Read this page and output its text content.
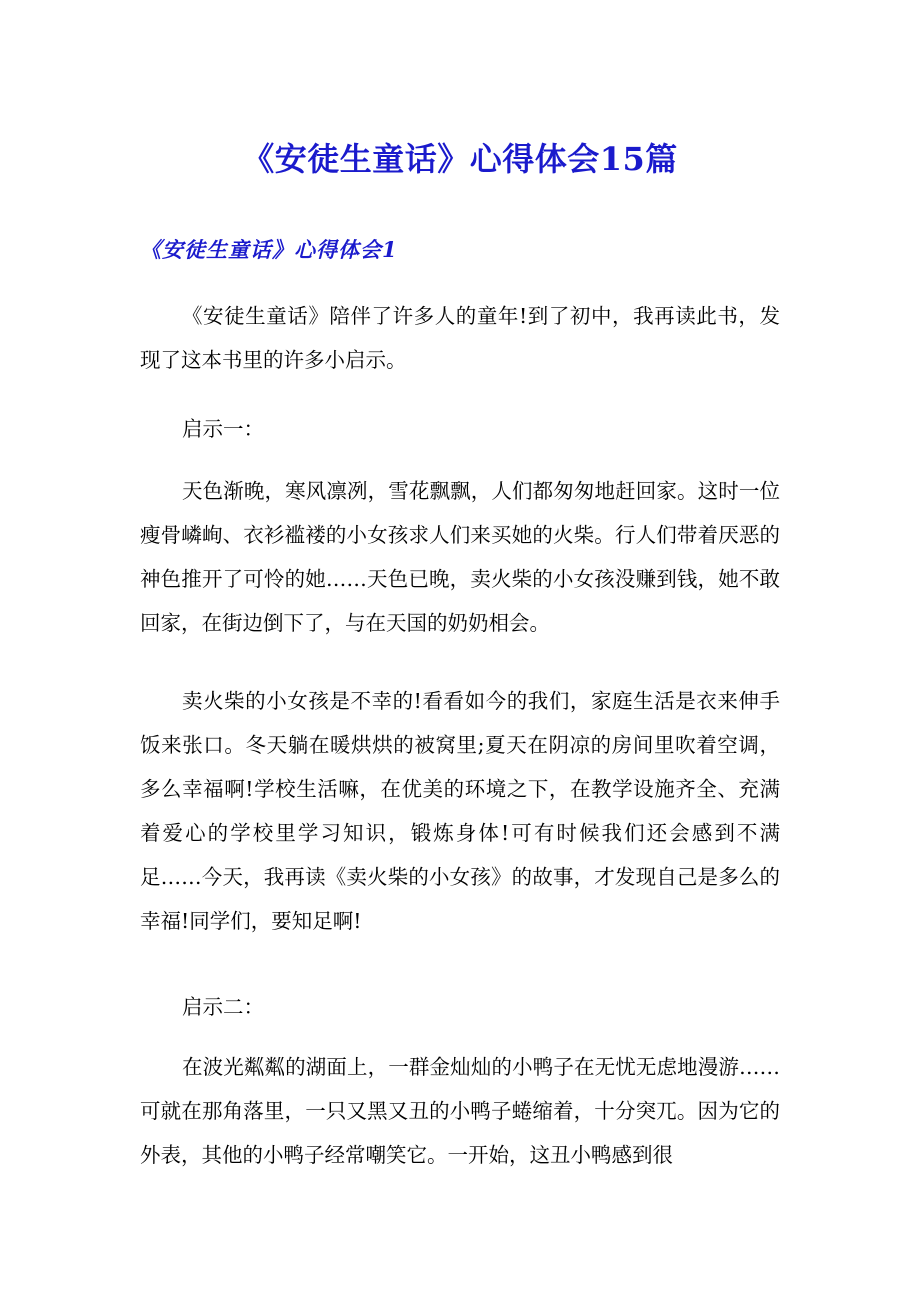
《安徒生童话》心得体会15篇
《安徒生童话》心得体会1

《安徒生童话》陪伴了许多人的童年!到了初中，我再读此书，发现了这本书里的许多小启示。

启示一：

天色渐晚，寒风凛冽，雪花飘飘，人们都匆匆地赶回家。这时一位瘦骨嶙峋、衣衫褴褛的小女孩求人们来买她的火柴。行人们带着厌恶的神色推开了可怜的她……天色已晚，卖火柴的小女孩没赚到钱，她不敢回家，在街边倒下了，与在天国的奶奶相会。

卖火柴的小女孩是不幸的!看看如今的我们，家庭生活是衣来伸手饭来张口。冬天躺在暖烘烘的被窝里;夏天在阴凉的房间里吹着空调，多么幸福啊!学校生活嘛，在优美的环境之下，在教学设施齐全、充满着爱心的学校里学习知识，锻炼身体!可有时候我们还会感到不满足……今天，我再读《卖火柴的小女孩》的故事，才发现自己是多么的幸福!同学们，要知足啊!

启示二：

在波光粼粼的湖面上，一群金灿灿的小鸭子在无忧无虑地漫游……可就在那角落里，一只又黑又丑的小鸭子蜷缩着，十分突兀。因为它的外表，其他的小鸭子经常嘲笑它。一开始，这丑小鸭感到很
